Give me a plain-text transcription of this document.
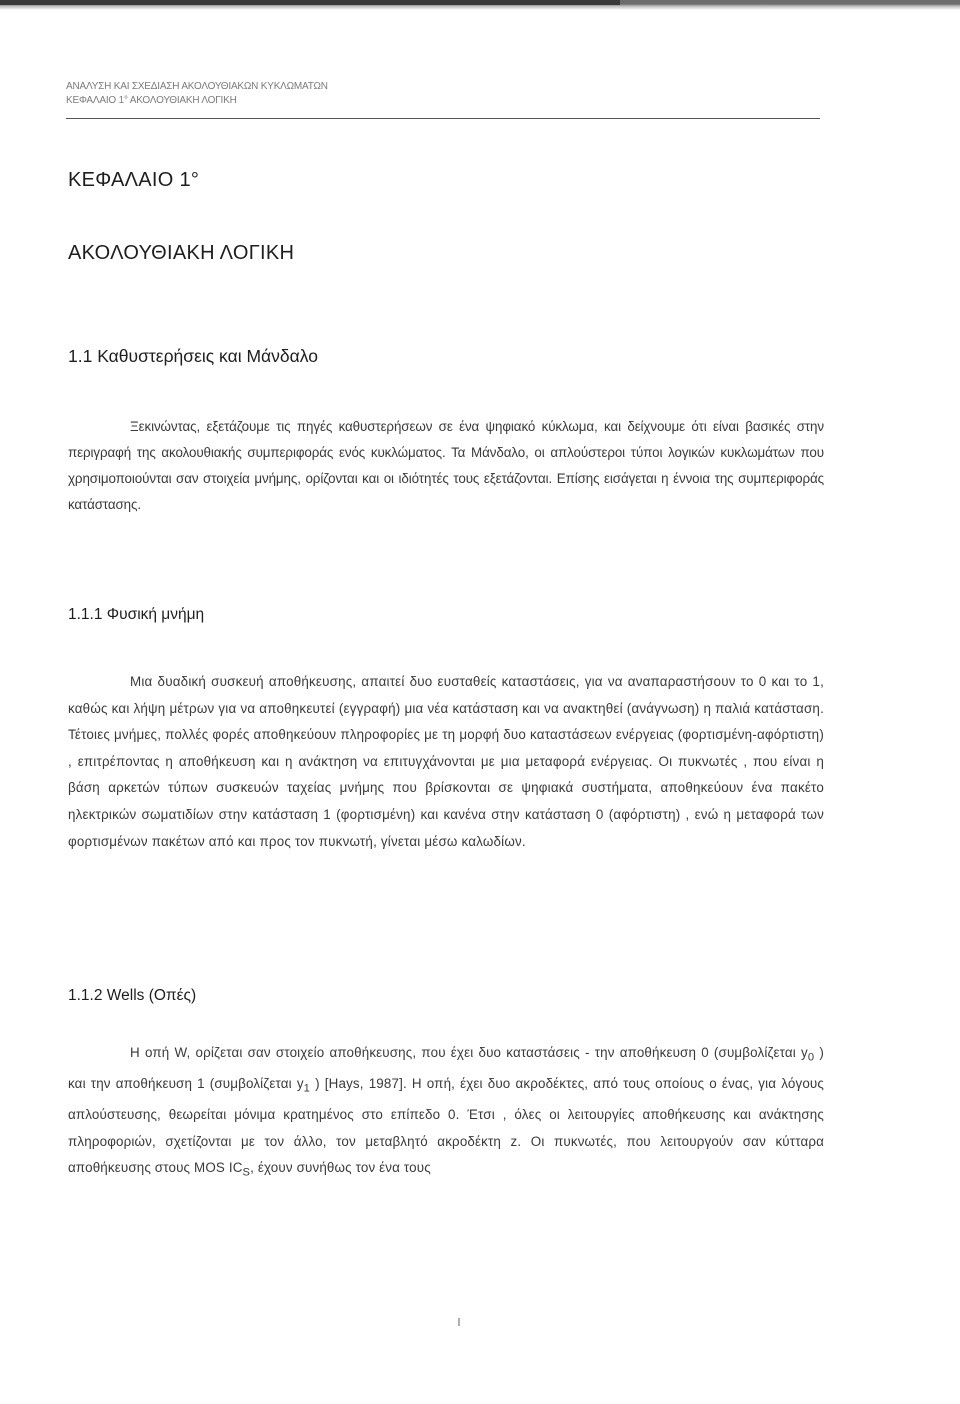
ΑΝΑΛΥΣΗ ΚΑΙ ΣΧΕΔΙΑΣΗ ΑΚΟΛΟΥΘΙΑΚΩΝ ΚΥΚΛΩΜΑΤΩΝ
ΚΕΦΑΛΑΙΟ 1° ΑΚΟΛΟΥΘΙΑΚΗ ΛΟΓΙΚΗ
ΚΕΦΑΛΑΙΟ 1°
ΑΚΟΛΟΥΘΙΑΚΗ ΛΟΓΙΚΗ
1.1 Καθυστερήσεις και Μάνδαλο

Ξεκινώντας, εξετάζουμε τις πηγές καθυστερήσεων σε ένα ψηφιακό κύκλωμα, και δείχνουμε ότι είναι βασικές στην περιγραφή της ακολουθιακής συμπεριφοράς ενός κυκλώματος. Τα Μάνδαλο, οι απλούστεροι τύποι λογικών κυκλωμάτων που χρησιμοποιούνται σαν στοιχεία μνήμης, ορίζονται και οι ιδιότητές τους εξετάζονται. Επίσης εισάγεται η έννοια της συμπεριφοράς κατάστασης.

1.1.1 Φυσική μνήμη

Μια δυαδική συσκευή αποθήκευσης, απαιτεί δυο ευσταθείς καταστάσεις, για να αναπαραστήσουν το 0 και το 1, καθώς και λήψη μέτρων για να αποθηκευτεί (εγγραφή) μια νέα κατάσταση και να ανακτηθεί (ανάγνωση) η παλιά κατάσταση. Τέτοιες μνήμες, πολλές φορές αποθηκεύουν πληροφορίες με τη μορφή δυο καταστάσεων ενέργειας (φορτισμένη-αφόρτιστη) , επιτρέποντας η αποθήκευση και η ανάκτηση να επιτυγχάνονται με μια μεταφορά ενέργειας. Οι πυκνωτές , που είναι η βάση αρκετών τύπων συσκευών ταχείας μνήμης που βρίσκονται σε ψηφιακά συστήματα, αποθηκεύουν ένα πακέτο ηλεκτρικών σωματιδίων στην κατάσταση 1 (φορτισμένη) και κανένα στην κατάσταση 0 (αφόρτιστη) , ενώ η μεταφορά των φορτισμένων πακέτων από και προς τον πυκνωτή, γίνεται μέσω καλωδίων.

1.1.2 Wells (Οπές)

Η οπή W, ορίζεται σαν στοιχείο αποθήκευσης, που έχει δυο καταστάσεις - την αποθήκευση 0 (συμβολίζεται $y_0$ ) και την αποθήκευση 1 (συμβολίζεται $y_1$ ) [Hays, 1987]. Η οπή, έχει δυο ακροδέκτες, από τους οποίους ο ένας, για λόγους απλούστευσης, θεωρείται μόνιμα κρατημένος στο επίπεδο 0. Έτσι , όλες οι λειτουργίες αποθήκευσης και ανάκτησης πληροφοριών, σχετίζονται με τον άλλο, τον μεταβλητό ακροδέκτη z. Οι πυκνωτές, που λειτουργούν σαν κύτταρα αποθήκευσης στους MOS $IC_S$, έχουν συνήθως τον ένα τους
